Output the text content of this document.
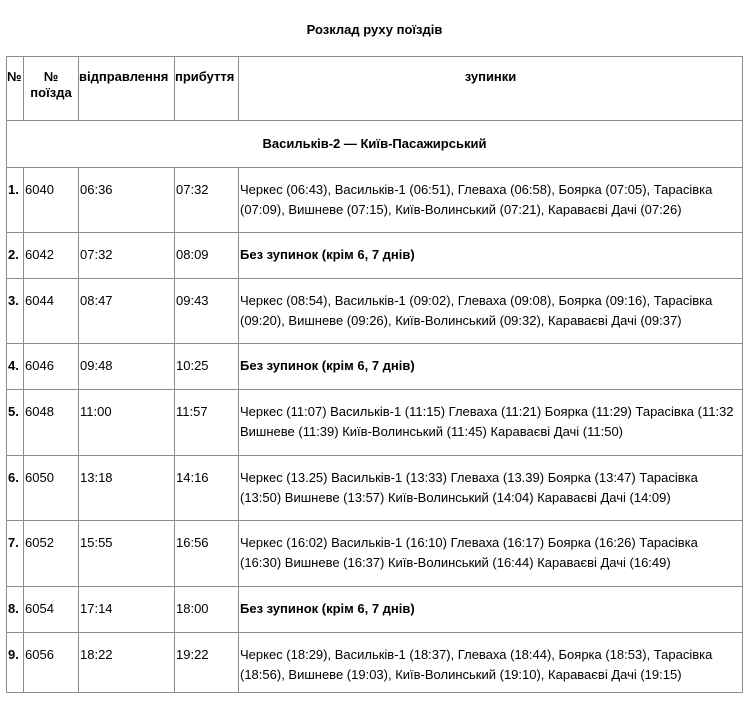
Розклад руху поїздів
№	№ поїзда	відправлення	прибуття	зупинки
Васильків-2 — Київ-Пасажирський				
1.	6040	06:36	07:32	Черкес (06:43), Васильків-1 (06:51), Глеваха (06:58), Боярка (07:05), Тарасівка (07:09), Вишневе (07:15), Київ-Волинський (07:21), Караваєві Дачі (07:26)
2.	6042	07:32	08:09	Без зупинок (крім 6, 7 днів)
3.	6044	08:47	09:43	Черкес (08:54), Васильків-1 (09:02), Глеваха (09:08), Боярка (09:16), Тарасівка (09:20), Вишневе (09:26), Київ-Волинський (09:32), Караваєві Дачі (09:37)
4.	6046	09:48	10:25	Без зупинок (крім 6, 7 днів)
5.	6048	11:00	11:57	Черкес (11:07) Васильків-1 (11:15) Глеваха (11:21) Боярка (11:29) Тарасівка (11:32 Вишневе (11:39) Київ-Волинський (11:45) Караваєві Дачі (11:50)
6.	6050	13:18	14:16	Черкес (13.25) Васильків-1 (13:33) Глеваха (13.39) Боярка (13:47) Тарасівка (13:50) Вишневе (13:57) Київ-Волинський (14:04) Караваєві Дачі (14:09)
7.	6052	15:55	16:56	Черкес (16:02) Васильків-1 (16:10) Глеваха (16:17) Боярка (16:26) Тарасівка (16:30) Вишневе (16:37) Київ-Волинський (16:44) Караваєві Дачі (16:49)
8.	6054	17:14	18:00	Без зупинок (крім 6, 7 днів)
9.	6056	18:22	19:22	Черкес (18:29), Васильків-1 (18:37), Глеваха (18:44), Боярка (18:53), Тарасівка (18:56), Вишневе (19:03), Київ-Волинський (19:10), Караваєві Дачі (19:15)
